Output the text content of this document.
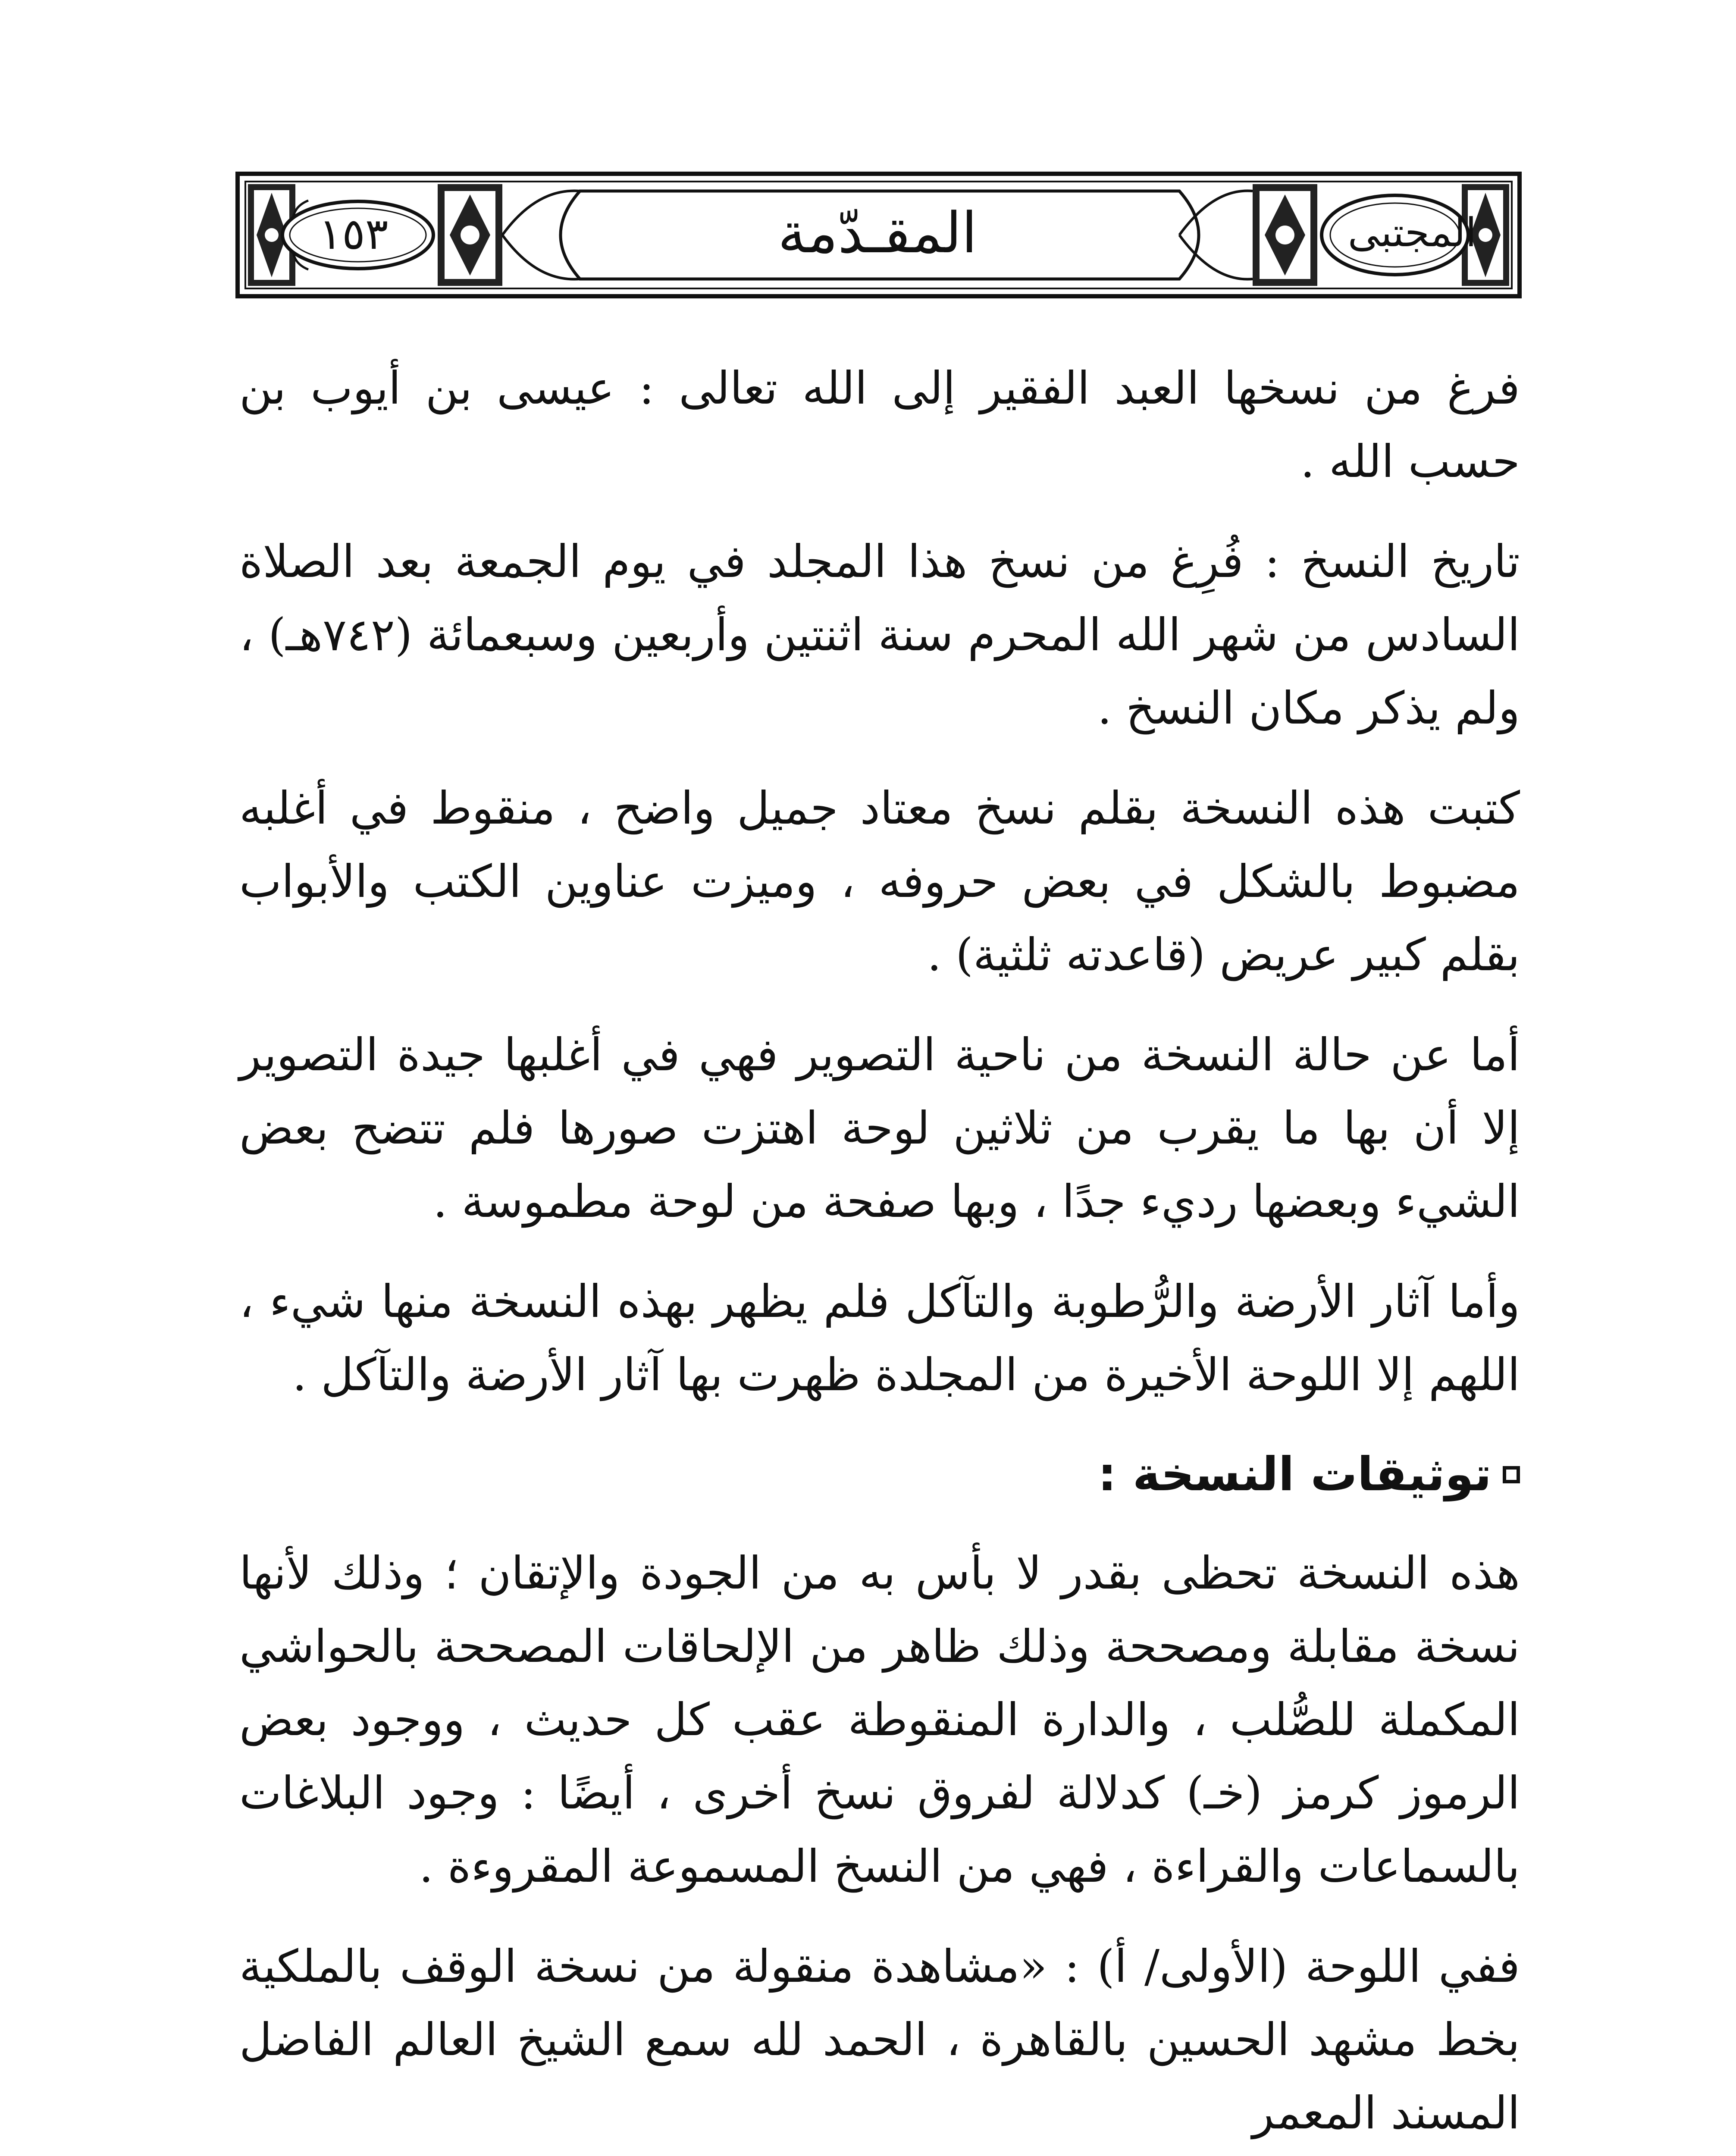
١٥٣	المقـدّمة	المجتبى

فرغ من نسخها العبد الفقير إلى الله تعالى : عيسى بن أيوب بن حسب الله .

تاريخ النسخ : فُرِغ من نسخ هذا المجلد في يوم الجمعة بعد الصلاة السادس من شهر الله المحرم سنة اثنتين وأربعين وسبعمائة (٧٤٢هـ) ، ولم يذكر مكان النسخ .

كتبت هذه النسخة بقلم نسخ معتاد جميل واضح ، منقوط في أغلبه مضبوط بالشكل في بعض حروفه ، وميزت عناوين الكتب والأبواب بقلم كبير عريض (قاعدته ثلثية) .

أما عن حالة النسخة من ناحية التصوير فهي في أغلبها جيدة التصوير إلا أن بها ما يقرب من ثلاثين لوحة اهتزت صورها فلم تتضح بعض الشيء وبعضها رديء جدًا ، وبها صفحة من لوحة مطموسة .

وأما آثار الأرضة والرُّطوبة والتآكل فلم يظهر بهذه النسخة منها شيء ، اللهم إلا اللوحة الأخيرة من المجلدة ظهرت بها آثار الأرضة والتآكل .

توثيقات النسخة :

هذه النسخة تحظى بقدر لا بأس به من الجودة والإتقان ؛ وذلك لأنها نسخة مقابلة ومصححة وذلك ظاهر من الإلحاقات المصححة بالحواشي المكملة للصُّلب ، والدارة المنقوطة عقب كل حديث ، ووجود بعض الرموز كرمز (خـ) كدلالة لفروق نسخ أخرى ، أيضًا : وجود البلاغات بالسماعات والقراءة ، فهي من النسخ المسموعة المقروءة .

ففي اللوحة (الأولى/ أ) : «مشاهدة منقولة من نسخة الوقف بالملكية بخط مشهد الحسين بالقاهرة ، الحمد لله سمع الشيخ العالم الفاضل المسند المعمر
